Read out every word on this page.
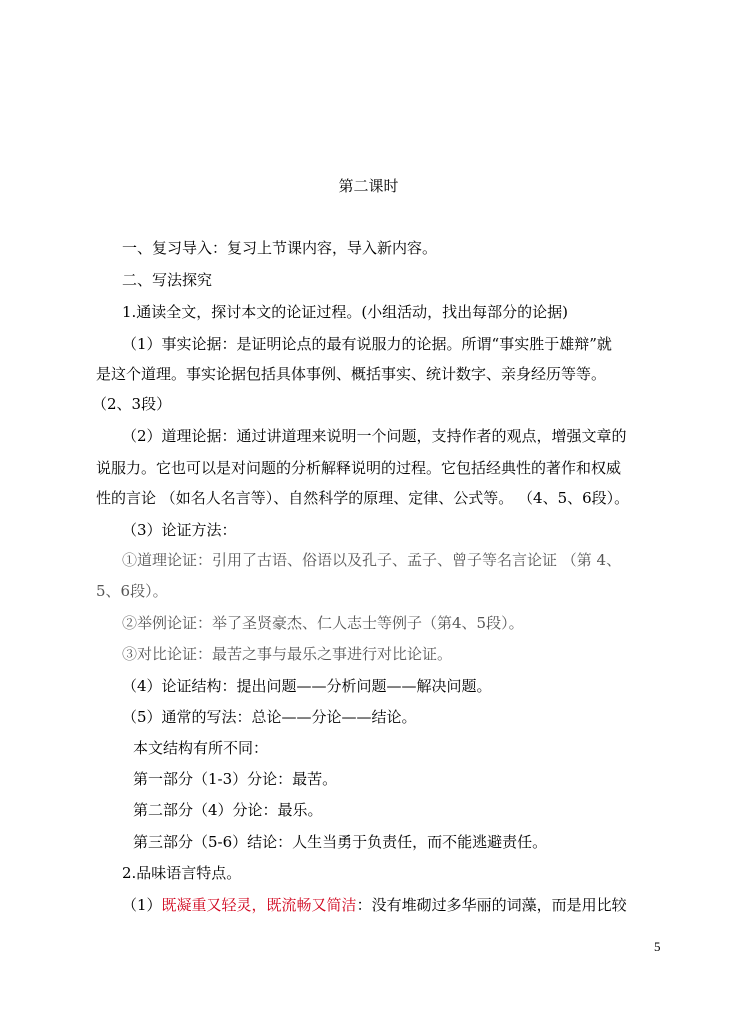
第二课时
一、复习导入：复习上节课内容，导入新内容。
二、写法探究
1.通读全文，探讨本文的论证过程。(小组活动，找出每部分的论据)
（1）事实论据：是证明论点的最有说服力的论据。所谓“事实胜于雄辩”就
是这个道理。事实论据包括具体事例、概括事实、统计数字、亲身经历等等。
（2、3段）
（2）道理论据：通过讲道理来说明一个问题，支持作者的观点，增强文章的
说服力。它也可以是对问题的分析解释说明的过程。它包括经典性的著作和权威
性的言论 （如名人名言等）、自然科学的原理、定律、公式等。 （4、5、6段）。
（3）论证方法：
①道理论证：引用了古语、俗语以及孔子、孟子、曾子等名言论证 （第 4、
5、6段）。
②举例论证：举了圣贤豪杰、仁人志士等例子（第4、5段）。
③对比论证：最苦之事与最乐之事进行对比论证。
（4）论证结构：提出问题——分析问题——解决问题。
（5）通常的写法：总论——分论——结论。
本文结构有所不同：
第一部分（1-3）分论：最苦。
第二部分（4）分论：最乐。
第三部分（5-6）结论：人生当勇于负责任，而不能逃避责任。
2.品味语言特点。
（1）既凝重又轻灵，既流畅又简洁：没有堆砌过多华丽的词藻，而是用比较
5
